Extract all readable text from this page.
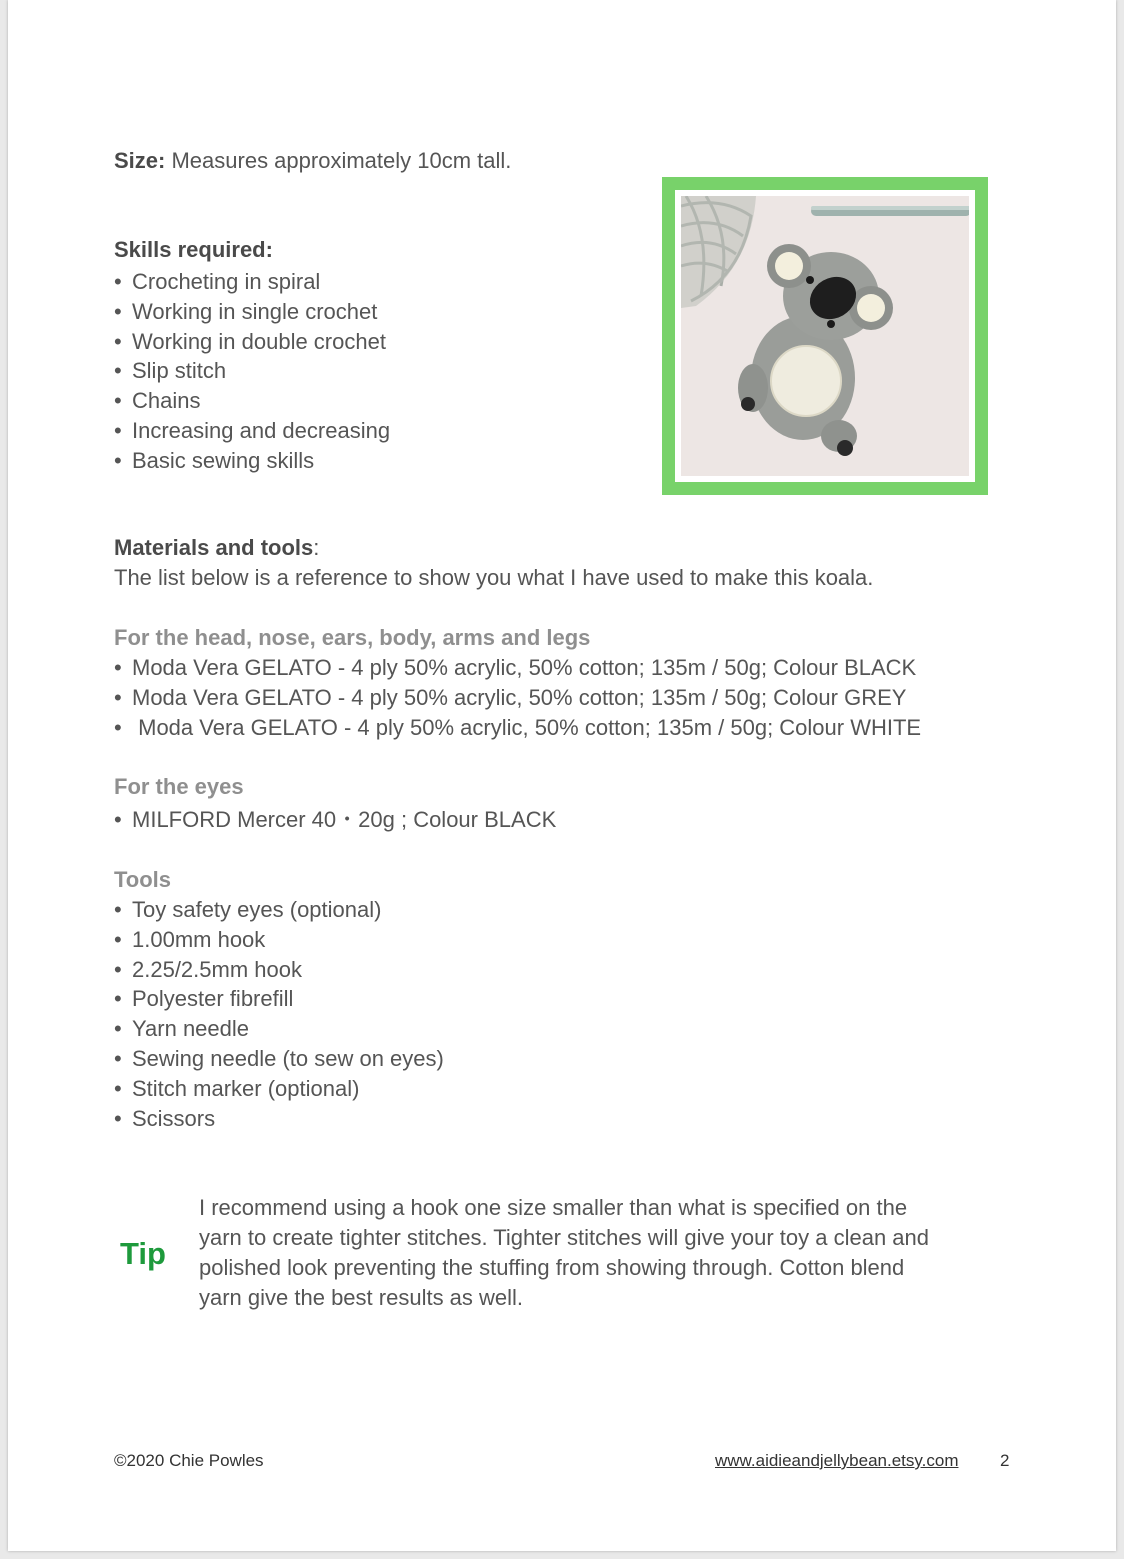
Size: Measures approximately 10cm tall.
Skills required:
• Crocheting in spiral
• Working in single crochet
• Working in double crochet
• Slip stitch
• Chains
• Increasing and decreasing
• Basic sewing skills
Materials and tools:
The list below is a reference to show you what I have used to make this koala.
For the head, nose, ears, body, arms and legs
• Moda Vera GELATO - 4 ply 50% acrylic, 50% cotton; 135m / 50g; Colour BLACK
• Moda Vera GELATO - 4 ply 50% acrylic, 50% cotton; 135m / 50g; Colour GREY
• Moda Vera GELATO - 4 ply 50% acrylic, 50% cotton; 135m / 50g; Colour WHITE
For the eyes
• MILFORD Mercer 40・20g ; Colour BLACK
Tools
• Toy safety eyes (optional)
• 1.00mm hook
• 2.25/2.5mm hook
• Polyester fibrefill
• Yarn needle
• Sewing needle (to sew on eyes)
• Stitch marker (optional)
• Scissors
Tip
I recommend using a hook one size smaller than what is specified on the
yarn to create tighter stitches. Tighter stitches will give your toy a clean and
polished look preventing the stuffing from showing through. Cotton blend
yarn give the best results as well.
©2020 Chie Powles	www.aidieandjellybean.etsy.com 2
